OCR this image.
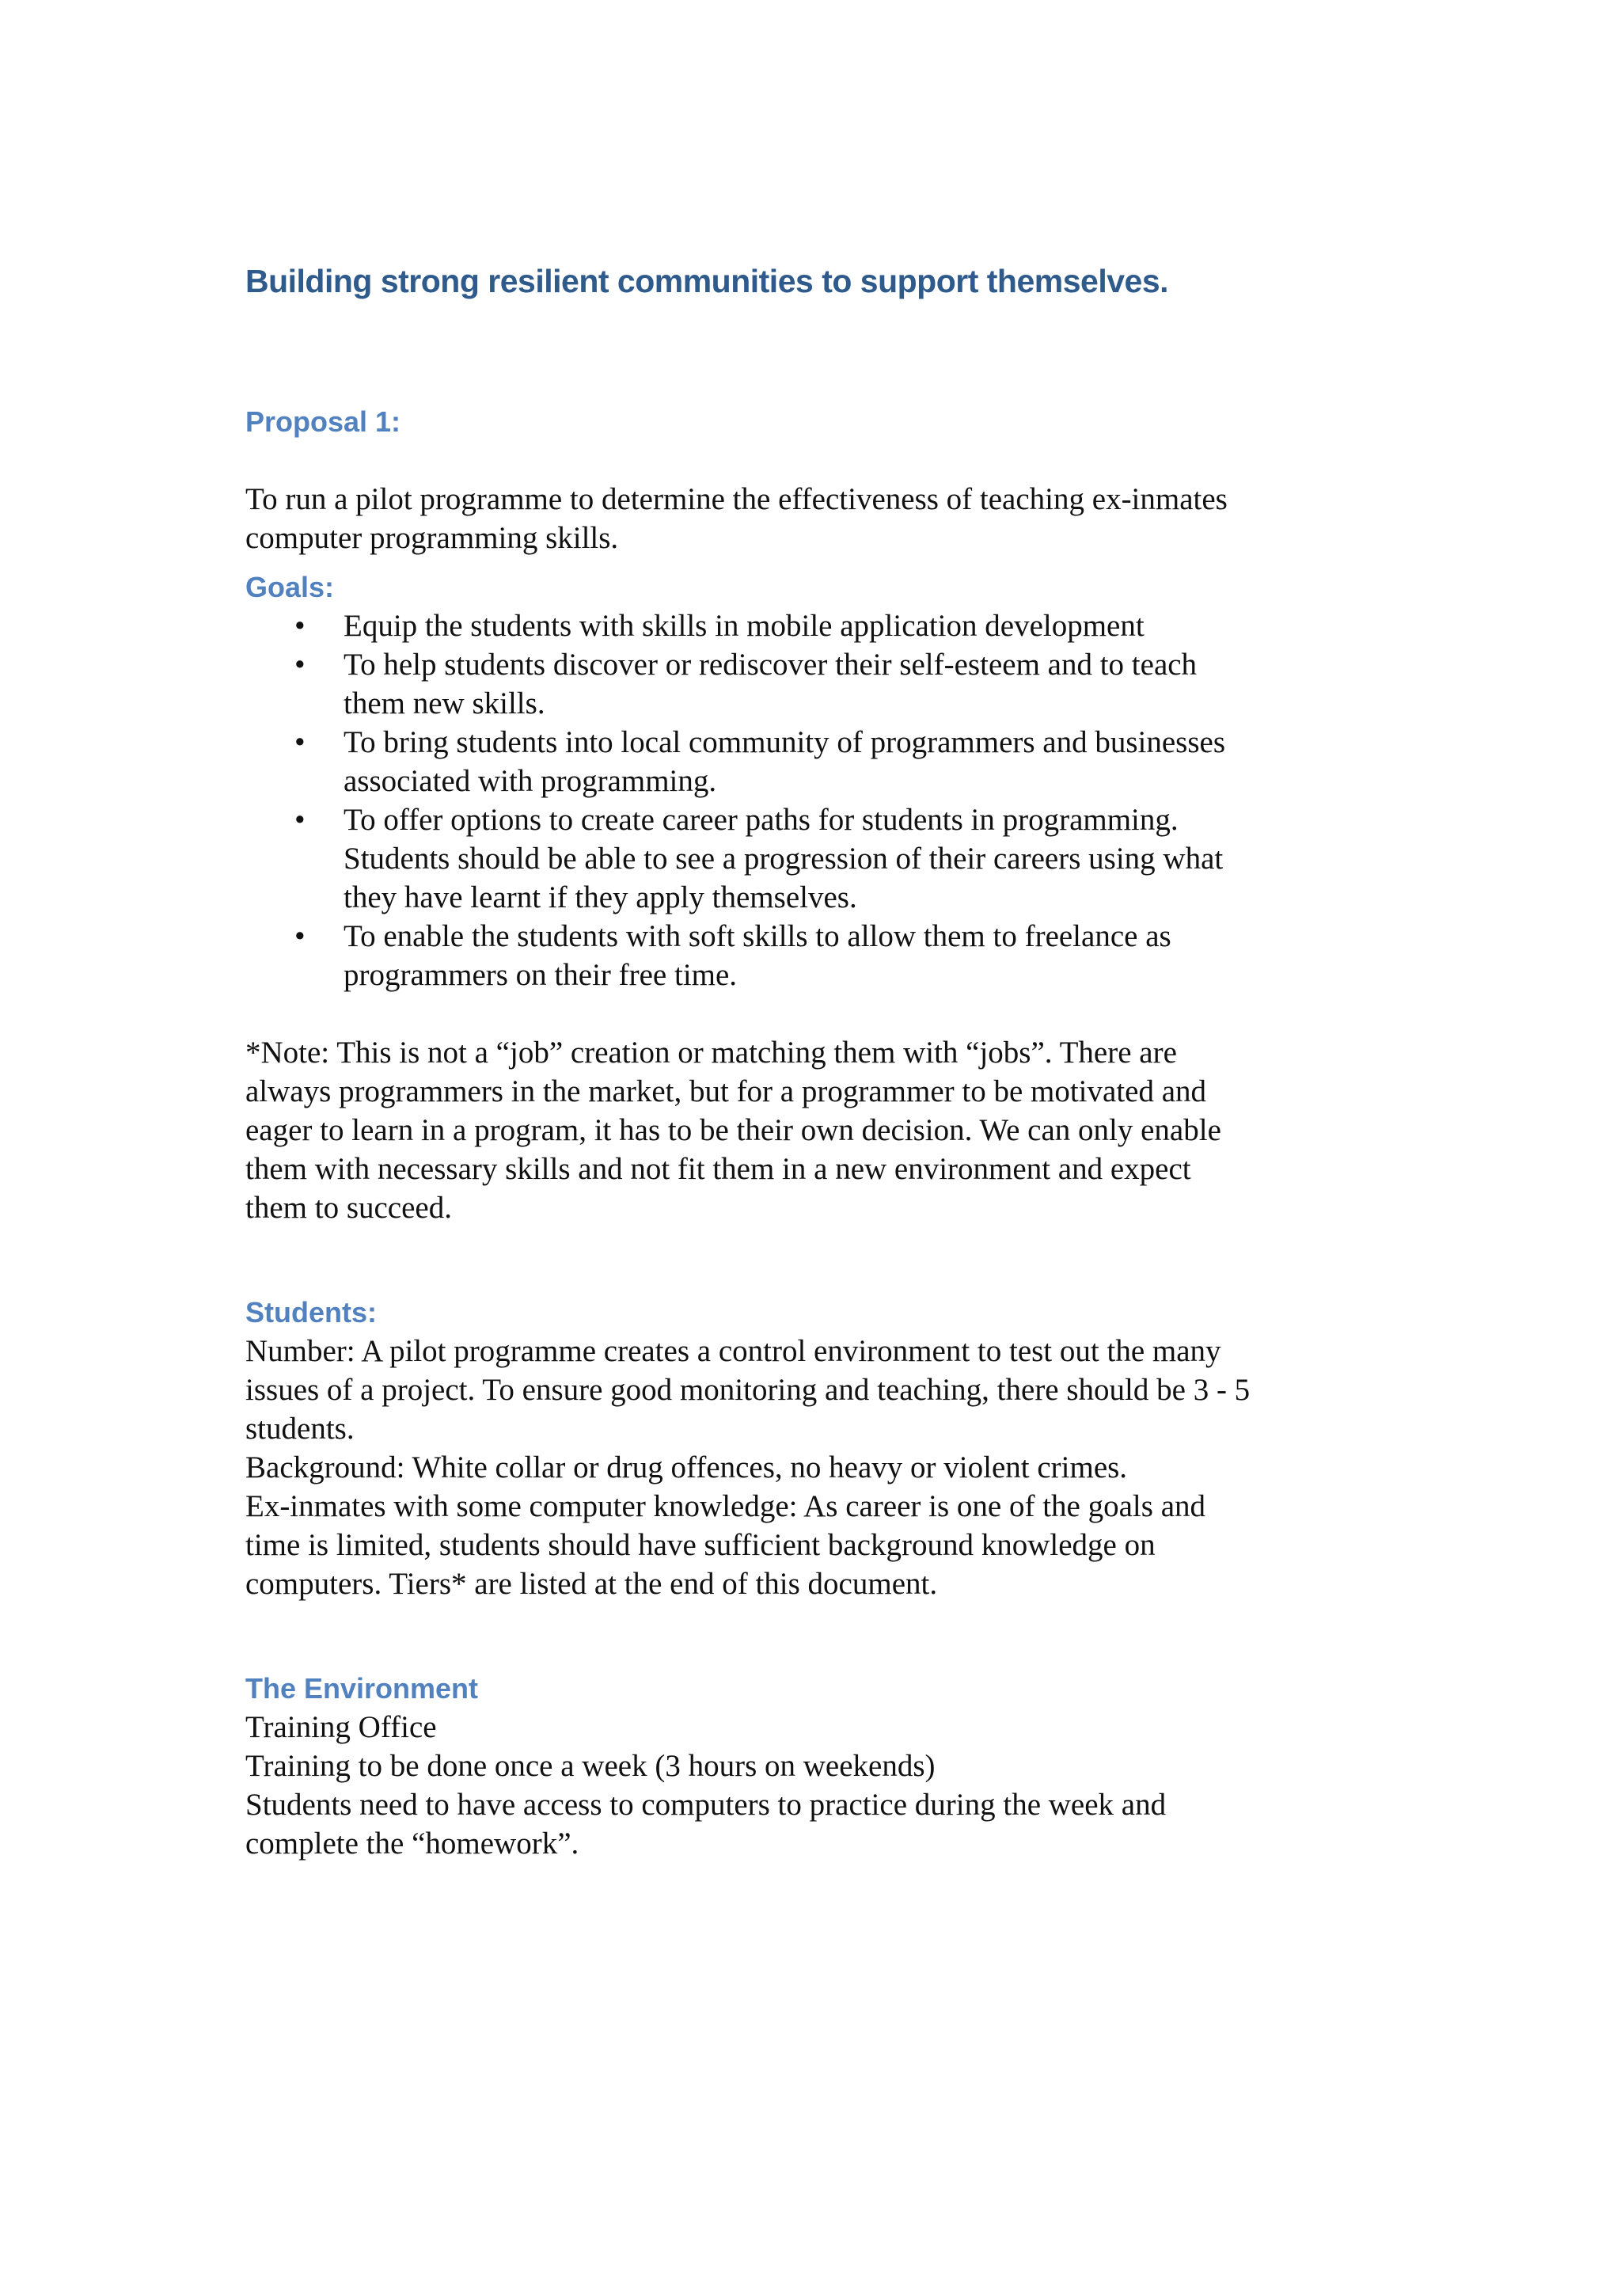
Building strong resilient communities to support themselves.
Proposal 1:

To run a pilot programme to determine the effectiveness of teaching ex-inmates
computer programming skills.

Goals:
• Equip the students with skills in mobile application development
• To help students discover or rediscover their self-esteem and to teach
them new skills.
• To bring students into local community of programmers and businesses
associated with programming.
• To offer options to create career paths for students in programming.
Students should be able to see a progression of their careers using what
they have learnt if they apply themselves.
• To enable the students with soft skills to allow them to freelance as
programmers on their free time.

*Note: This is not a “job” creation or matching them with “jobs”. There are
always programmers in the market, but for a programmer to be motivated and
eager to learn in a program, it has to be their own decision. We can only enable
them with necessary skills and not fit them in a new environment and expect
them to succeed.

Students:

Number: A pilot programme creates a control environment to test out the many
issues of a project. To ensure good monitoring and teaching, there should be 3 - 5
students.
Background: White collar or drug offences, no heavy or violent crimes.
Ex-inmates with some computer knowledge: As career is one of the goals and
time is limited, students should have sufficient background knowledge on
computers. Tiers* are listed at the end of this document.

The Environment

Training Office
Training to be done once a week (3 hours on weekends)
Students need to have access to computers to practice during the week and
complete the “homework”.
